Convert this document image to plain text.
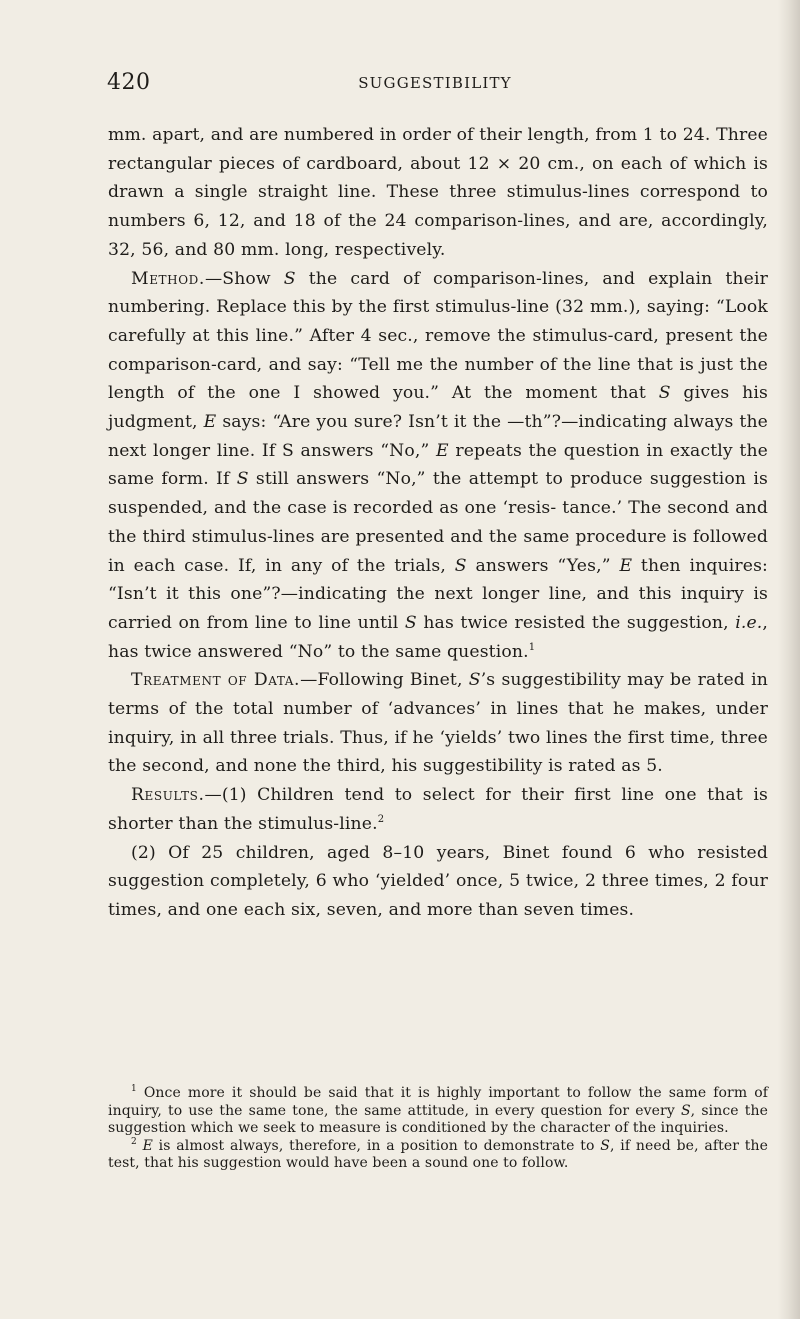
420	SUGGESTIBILITY

mm. apart, and are numbered in order of their length, from 1 to 24. Three rectangular pieces of cardboard, about 12 × 20 cm., on each of which is drawn a single straight line. These three stimulus-lines correspond to numbers 6, 12, and 18 of the 24 comparison-lines, and are, accordingly, 32, 56, and 80 mm. long, respectively.

Method.—Show S the card of comparison-lines, and explain their numbering. Replace this by the first stimulus-line (32 mm.), saying: “Look carefully at this line.” After 4 sec., remove the stimulus-card, present the comparison-card, and say: “Tell me the number of the line that is just the length of the one I showed you.” At the moment that S gives his judgment, E says: “Are you sure? Isn’t it the —th”?—indicating always the next longer line. If S answers “No,” E repeats the question in exactly the same form. If S still answers “No,” the attempt to produce suggestion is suspended, and the case is recorded as one ‘resis- tance.’ The second and the third stimulus-lines are presented and the same procedure is followed in each case. If, in any of the trials, S answers “Yes,” E then inquires: “Isn’t it this one”?—indicating the next longer line, and this inquiry is carried on from line to line until S has twice resisted the suggestion, i.e., has twice answered “No” to the same question.$^1$

Treatment of Data.—Following Binet, S’s suggestibility may be rated in terms of the total number of ‘advances’ in lines that he makes, under inquiry, in all three trials. Thus, if he ‘yields’ two lines the first time, three the second, and none the third, his suggestibility is rated as 5.

Results.—(1) Children tend to select for their first line one that is shorter than the stimulus-line.$^2$

(2) Of 25 children, aged 8–10 years, Binet found 6 who resisted suggestion completely, 6 who ‘yielded’ once, 5 twice, 2 three times, 2 four times, and one each six, seven, and more than seven times.

$^1$ Once more it should be said that it is highly important to follow the same form of inquiry, to use the same tone, the same attitude, in every question for every S, since the suggestion which we seek to measure is conditioned by the character of the inquiries.

$^2$ E is almost always, therefore, in a position to demonstrate to S, if need be, after the test, that his suggestion would have been a sound one to follow.
